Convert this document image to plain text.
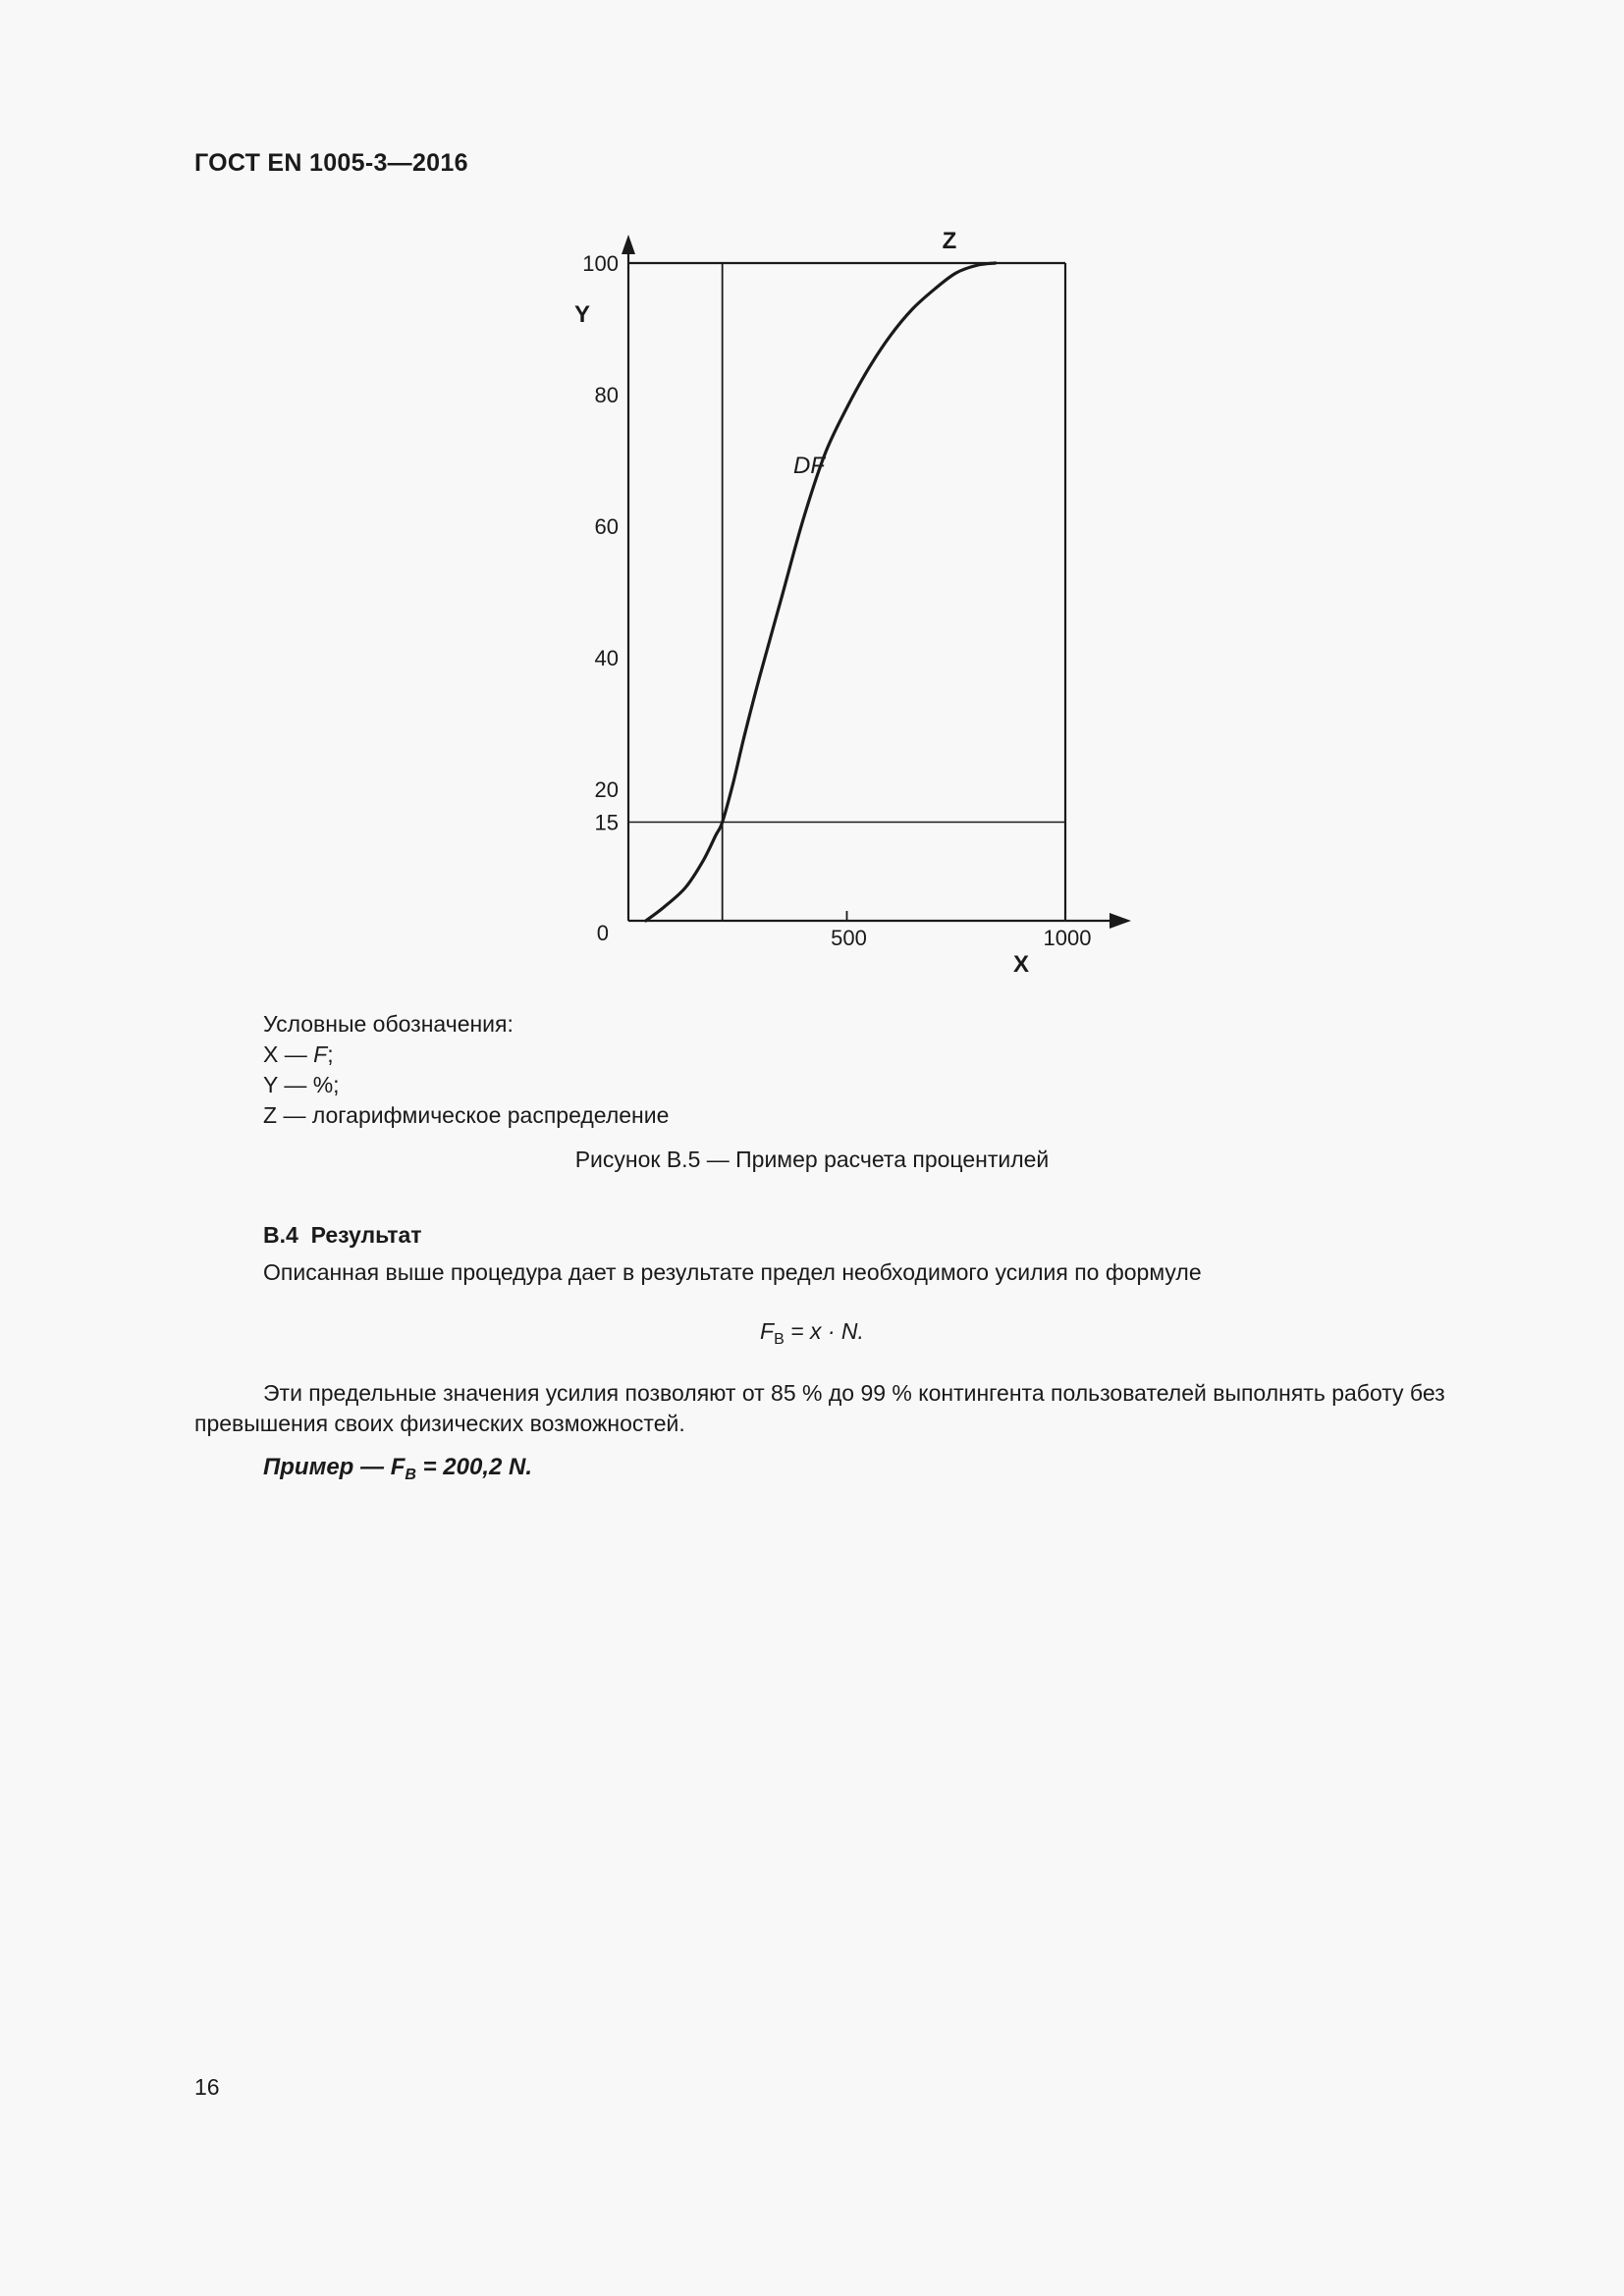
ГОСТ EN 1005-3—2016
20
40
60
80
100
15
0	500	1000
Y
X
Z
DF
Условные обозначения:
X — F;
Y — %;
Z — логарифмическое распределение
Рисунок В.5 — Пример расчета процентилей
В.4 Результат
Описанная выше процедура дает в результате предел необходимого усилия по формуле
$F_В = x \cdot N$.
Эти предельные значения усилия позволяют от 85 % до 99 % контингента пользователей выполнять работу без превышения своих физических возможностей.
Пример — $F_B = 200,2$ N.
16
